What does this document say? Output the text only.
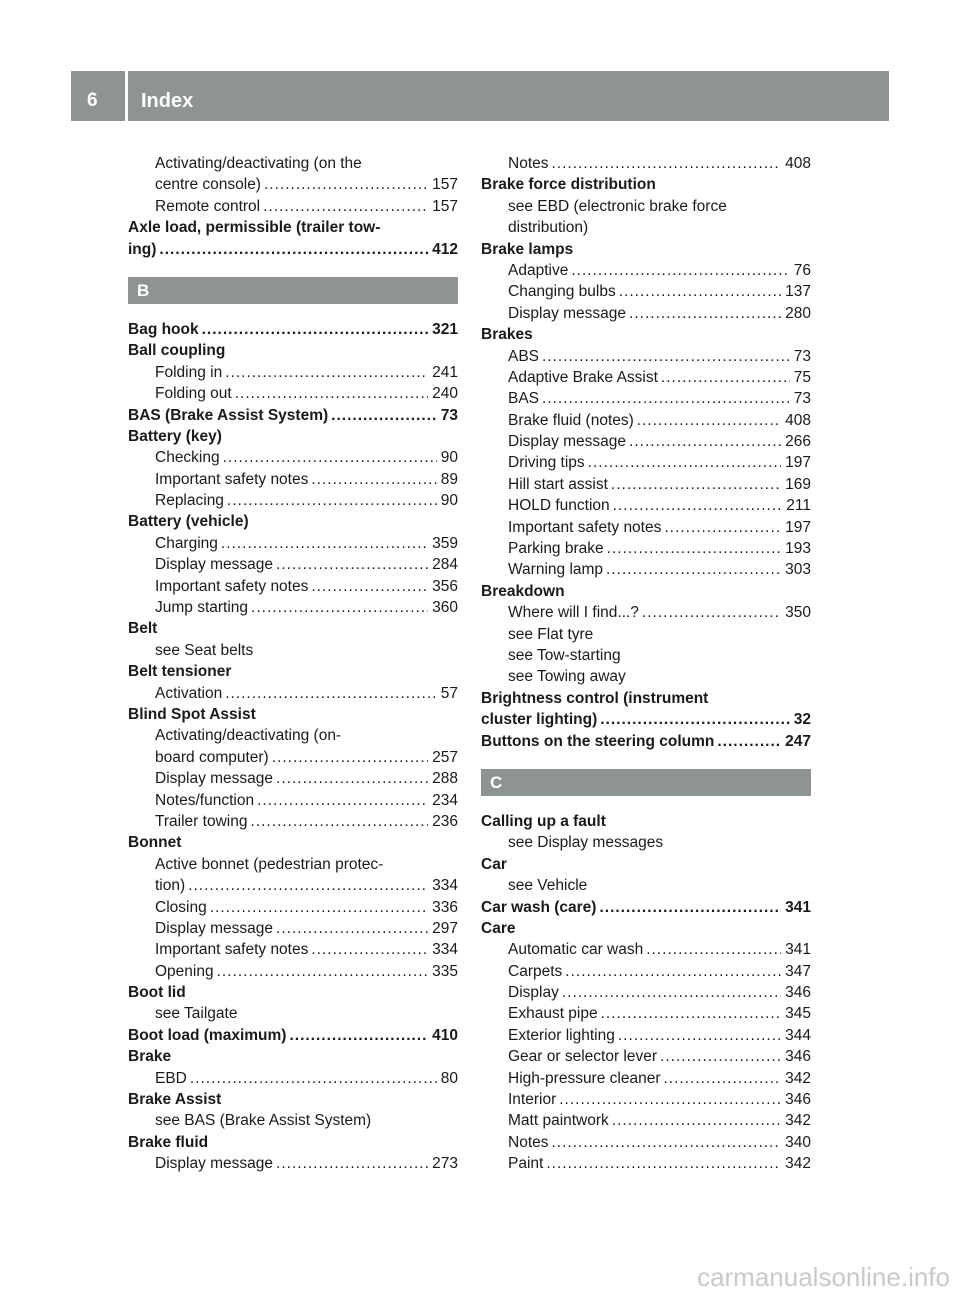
6 Index
Activating/deactivating (on the
centre console) .....	157
Remote control .....	157
Axle load, permissible (trailer tow-
ing) .....	412
B
Bag hook .....	321
Ball coupling
Folding in .....	241
Folding out .....	240
BAS (Brake Assist System) .....	73
Battery (key)
Checking .....	90
Important safety notes .....	89
Replacing .....	90
Battery (vehicle)
Charging .....	359
Display message .....	284
Important safety notes .....	356
Jump starting .....	360
Belt
see Seat belts
Belt tensioner
Activation .....	57
Blind Spot Assist
Activating/deactivating (on-
board computer) .....	257
Display message .....	288
Notes/function .....	234
Trailer towing .....	236
Bonnet
Active bonnet (pedestrian protec-
tion) .....	334
Closing .....	336
Display message .....	297
Important safety notes .....	334
Opening .....	335
Boot lid
see Tailgate
Boot load (maximum) .....	410
Brake
EBD .....	80
Brake Assist
see BAS (Brake Assist System)
Brake fluid
Display message .....	273
Notes .....	408
Brake force distribution
see EBD (electronic brake force
distribution)
Brake lamps
Adaptive .....	76
Changing bulbs .....	137
Display message .....	280
Brakes
ABS .....	73
Adaptive Brake Assist .....	75
BAS .....	73
Brake fluid (notes) .....	408
Display message .....	266
Driving tips .....	197
Hill start assist .....	169
HOLD function .....	211
Important safety notes .....	197
Parking brake .....	193
Warning lamp .....	303
Breakdown
Where will I find...? .....	350
see Flat tyre
see Tow-starting
see Towing away
Brightness control (instrument
cluster lighting) .....	32
Buttons on the steering column .....	247
C
Calling up a fault
see Display messages
Car
see Vehicle
Car wash (care) .....	341
Care
Automatic car wash .....	341
Carpets .....	347
Display .....	346
Exhaust pipe .....	345
Exterior lighting .....	344
Gear or selector lever .....	346
High-pressure cleaner .....	342
Interior .....	346
Matt paintwork .....	342
Notes .....	340
Paint .....	342
carmanualsonline.info
